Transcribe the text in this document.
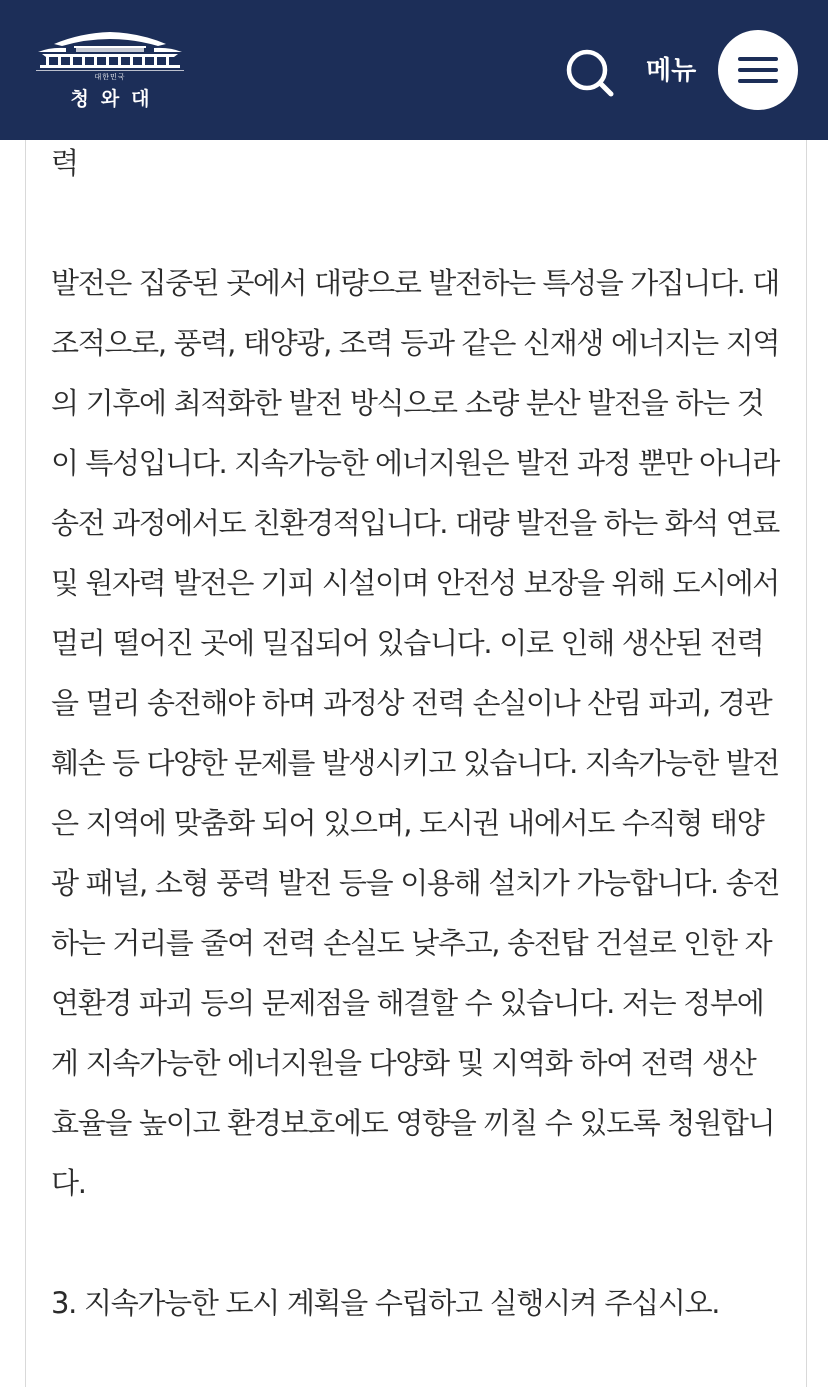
대한민국
청와대
메뉴
력
발전은 집중된 곳에서 대량으로 발전하는 특성을 가집니다. 대
조적으로, 풍력, 태양광, 조력 등과 같은 신재생 에너지는 지역
의 기후에 최적화한 발전 방식으로 소량 분산 발전을 하는 것
이 특성입니다. 지속가능한 에너지원은 발전 과정 뿐만 아니라
송전 과정에서도 친환경적입니다. 대량 발전을 하는 화석 연료
및 원자력 발전은 기피 시설이며 안전성 보장을 위해 도시에서
멀리 떨어진 곳에 밀집되어 있습니다. 이로 인해 생산된 전력
을 멀리 송전해야 하며 과정상 전력 손실이나 산림 파괴, 경관
훼손 등 다양한 문제를 발생시키고 있습니다. 지속가능한 발전
은 지역에 맞춤화 되어 있으며, 도시권 내에서도 수직형 태양
광 패널, 소형 풍력 발전 등을 이용해 설치가 가능합니다. 송전
하는 거리를 줄여 전력 손실도 낮추고, 송전탑 건설로 인한 자
연환경 파괴 등의 문제점을 해결할 수 있습니다. 저는 정부에
게 지속가능한 에너지원을 다양화 및 지역화 하여 전력 생산
효율을 높이고 환경보호에도 영향을 끼칠 수 있도록 청원합니
다.
3. 지속가능한 도시 계획을 수립하고 실행시켜 주십시오.
